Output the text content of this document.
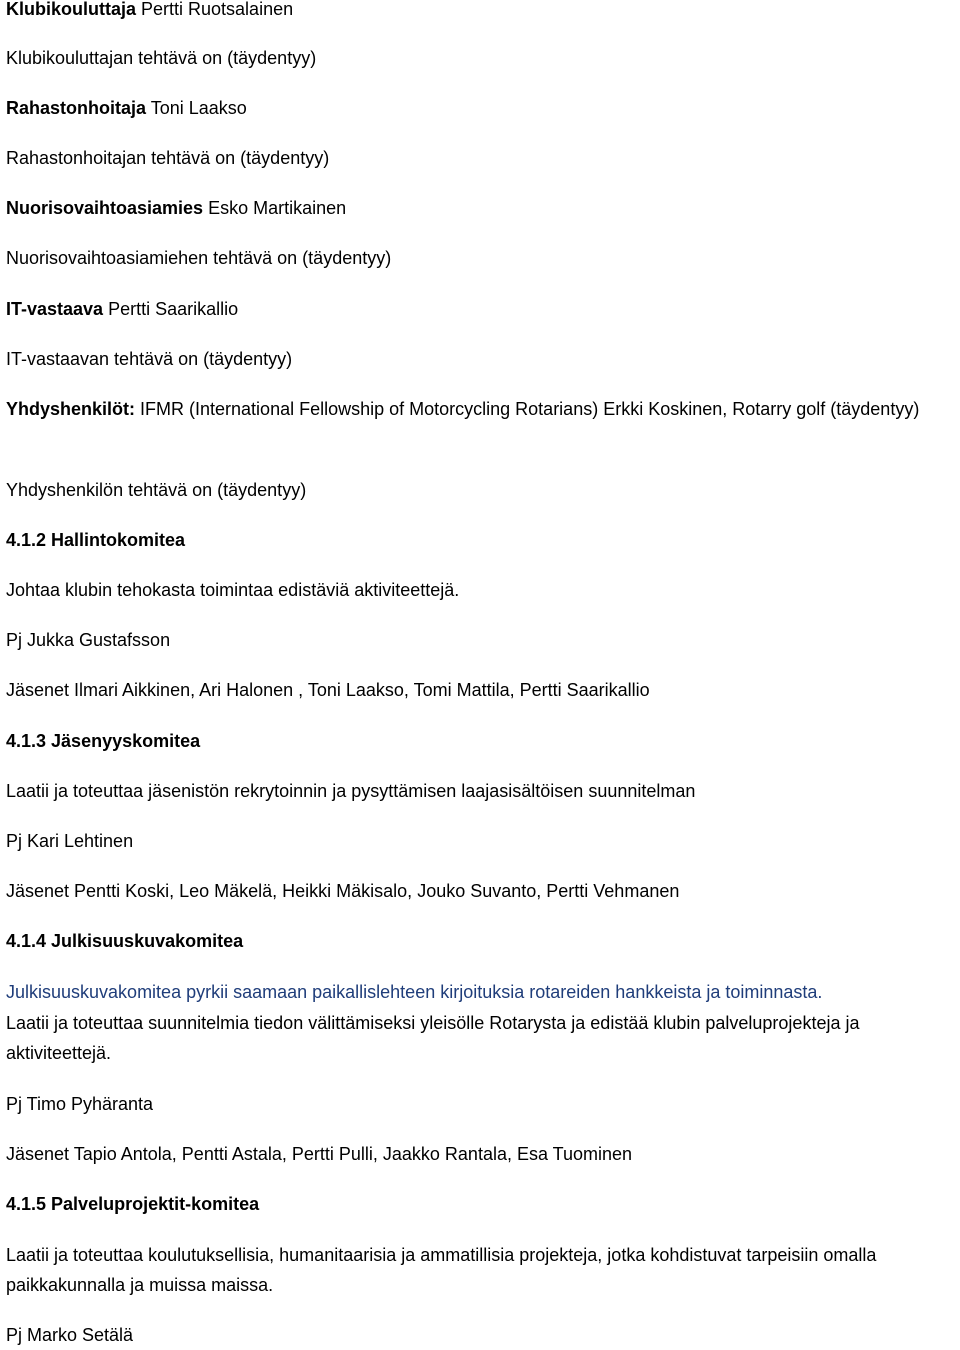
Klubikouluttaja Pertti Ruotsalainen

Klubikouluttajan tehtävä on (täydentyy)

Rahastonhoitaja Toni Laakso

Rahastonhoitajan tehtävä on (täydentyy)

Nuorisovaihtoasiamies Esko Martikainen

Nuorisovaihtoasiamiehen tehtävä on (täydentyy)

IT-vastaava Pertti Saarikallio

IT-vastaavan tehtävä on (täydentyy)

Yhdyshenkilöt: IFMR (International Fellowship of Motorcycling Rotarians) Erkki Koskinen, Rotarry golf (täydentyy)

Yhdyshenkilön tehtävä on (täydentyy)

4.1.2 Hallintokomitea

Johtaa klubin tehokasta toimintaa edistäviä aktiviteettejä.

Pj Jukka Gustafsson

Jäsenet Ilmari Aikkinen, Ari Halonen , Toni Laakso, Tomi Mattila, Pertti Saarikallio

4.1.3 Jäsenyyskomitea

Laatii ja toteuttaa jäsenistön rekrytoinnin ja pysyttämisen laajasisältöisen suunnitelman

Pj Kari Lehtinen

Jäsenet Pentti Koski, Leo Mäkelä, Heikki Mäkisalo, Jouko Suvanto, Pertti Vehmanen

4.1.4 Julkisuuskuvakomitea

Julkisuuskuvakomitea pyrkii saamaan paikallislehteen kirjoituksia rotareiden hankkeista ja toiminnasta.

Laatii ja toteuttaa suunnitelmia tiedon välittämiseksi yleisölle Rotarysta ja edistää klubin palveluprojekteja ja aktiviteettejä.

Pj Timo Pyhäranta

Jäsenet Tapio Antola, Pentti Astala, Pertti Pulli, Jaakko Rantala, Esa Tuominen

4.1.5 Palveluprojektit-komitea

Laatii ja toteuttaa koulutuksellisia, humanitaarisia ja ammatillisia projekteja, jotka kohdistuvat tarpeisiin omalla paikkakunnalla ja muissa maissa.

Pj Marko Setälä
